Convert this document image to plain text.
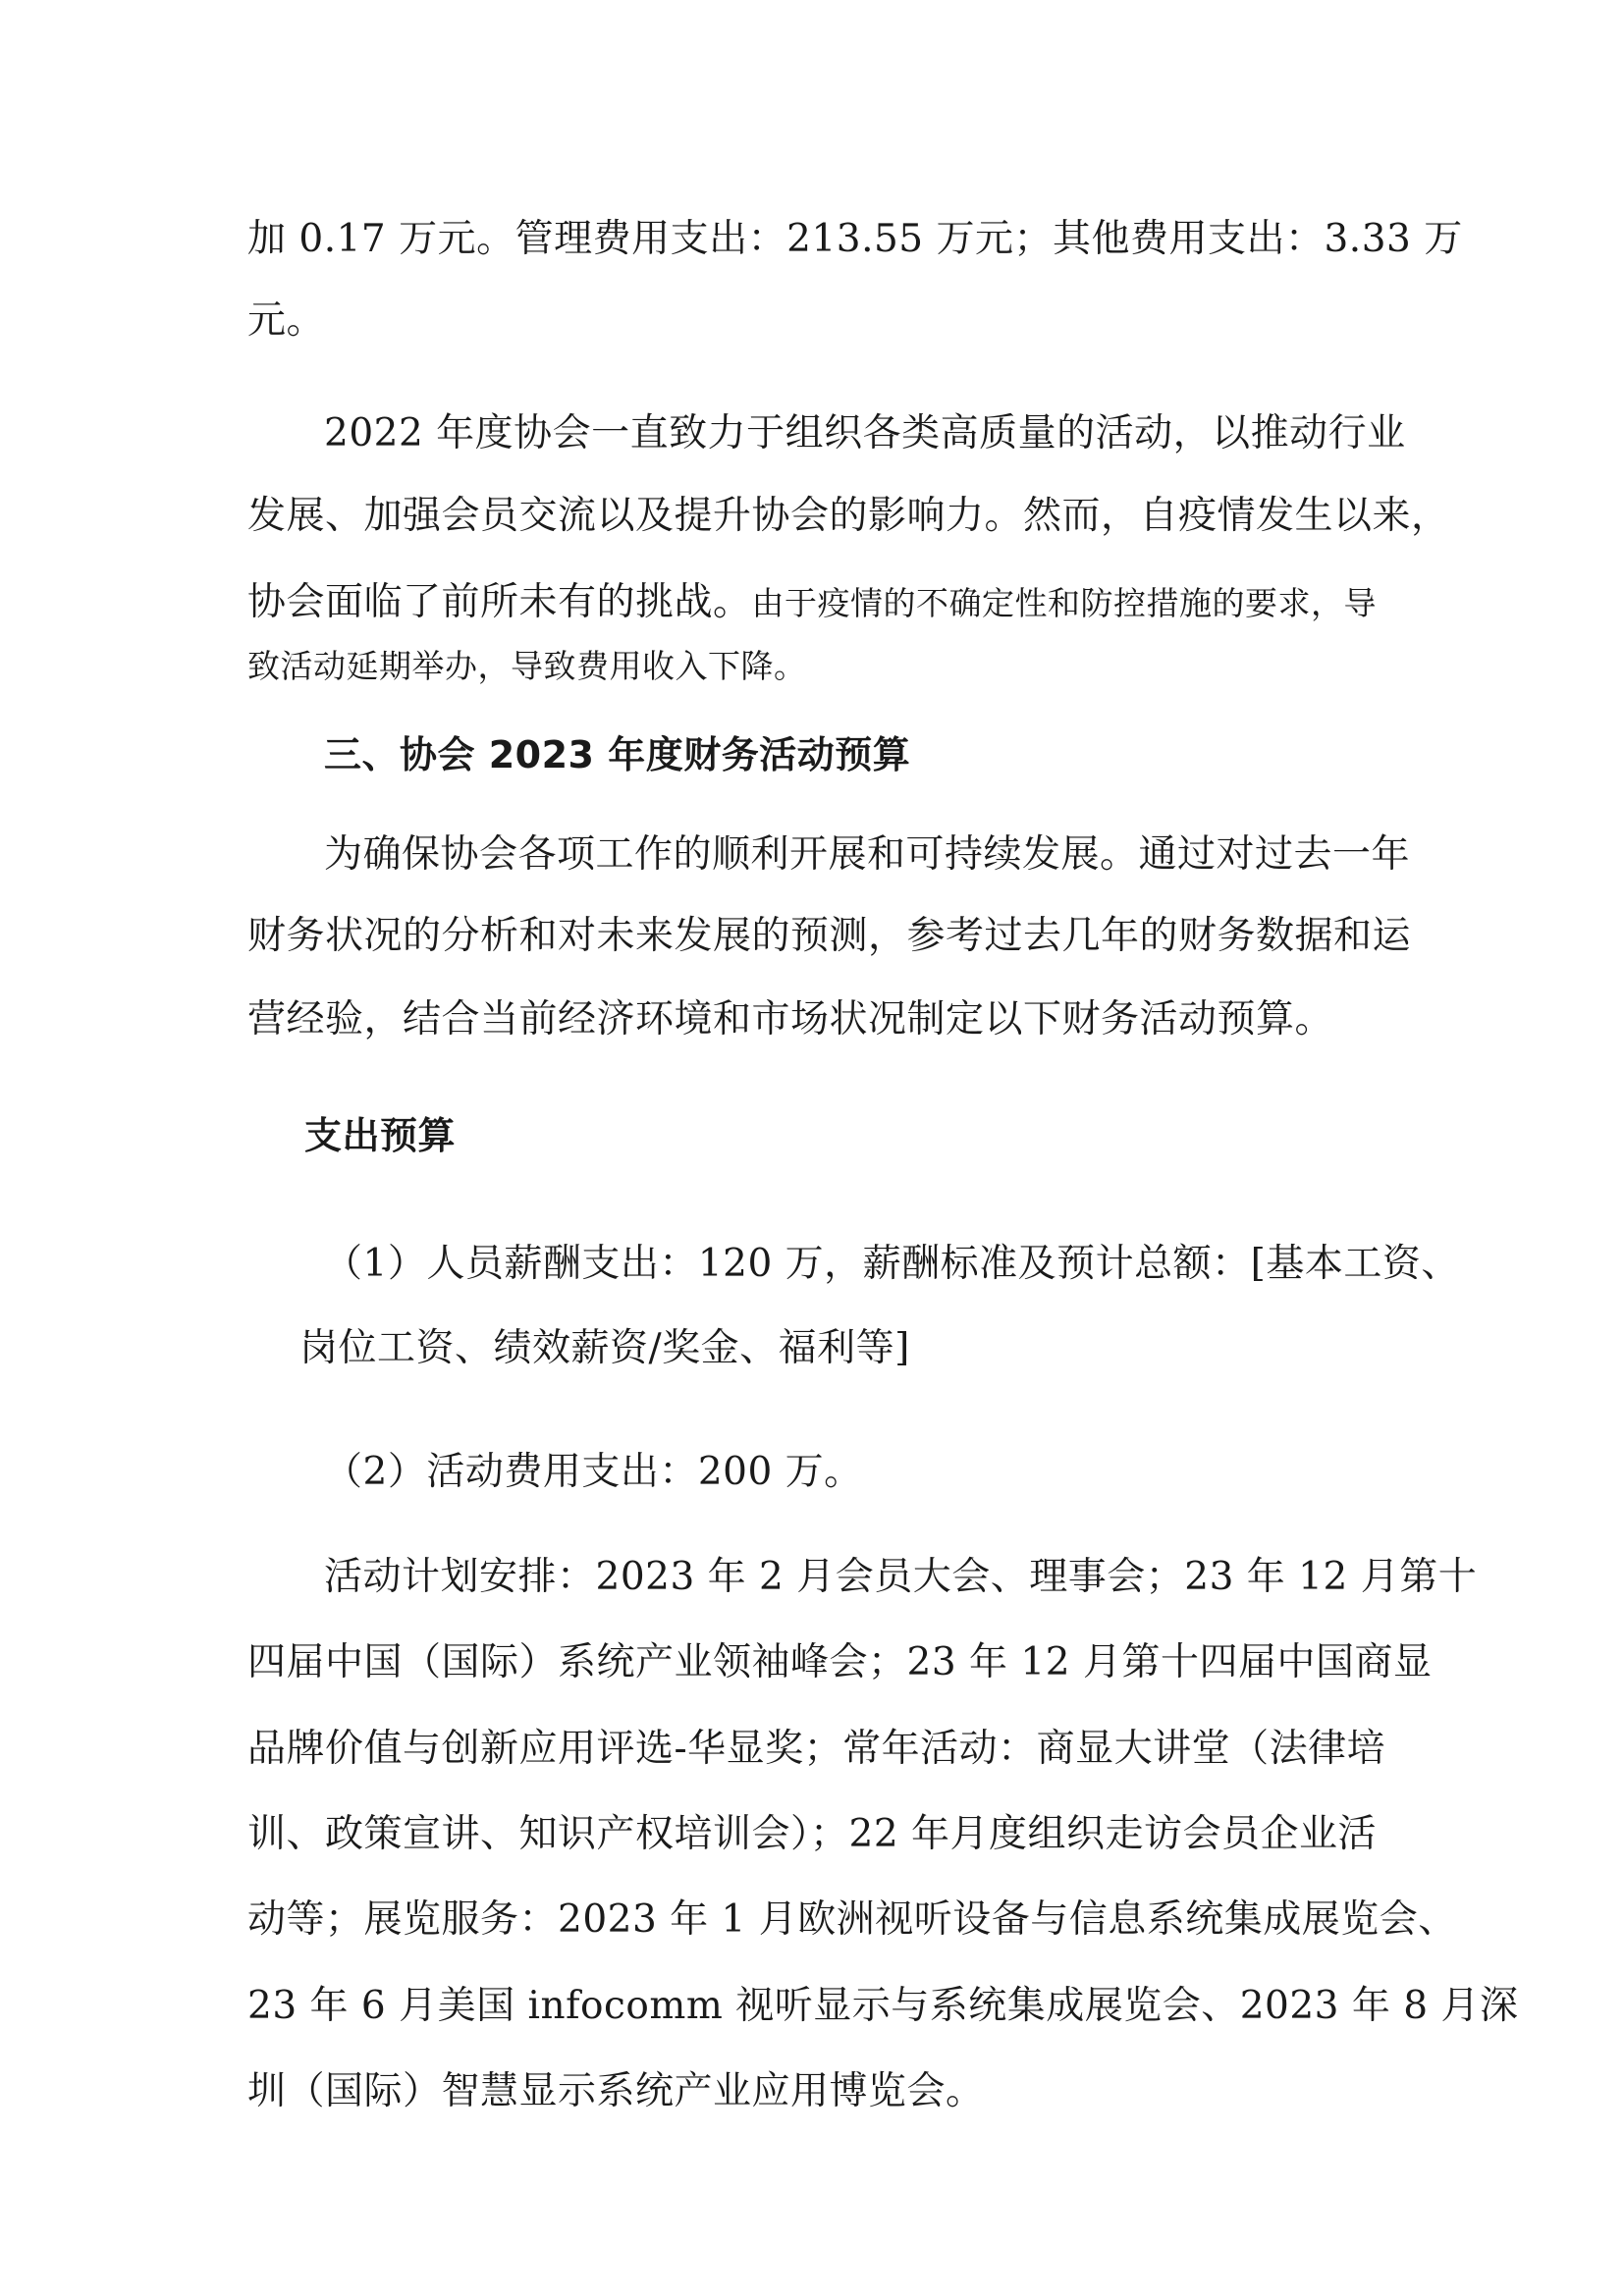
加 0.17 万元。管理费用支出：213.55 万元；其他费用支出：3.33 万
元。
2022 年度协会一直致力于组织各类高质量的活动，以推动行业
发展、加强会员交流以及提升协会的影响力。然而，自疫情发生以来，
协会面临了前所未有的挑战。由于疫情的不确定性和防控措施的要求，导
致活动延期举办，导致费用收入下降。
三、协会 2023 年度财务活动预算
为确保协会各项工作的顺利开展和可持续发展。通过对过去一年
财务状况的分析和对未来发展的预测，参考过去几年的财务数据和运
营经验，结合当前经济环境和市场状况制定以下财务活动预算。
支出预算
（1）人员薪酬支出：120 万，薪酬标准及预计总额：[基本工资、
岗位工资、绩效薪资/奖金、福利等]
（2）活动费用支出：200 万。
活动计划安排：2023 年 2 月会员大会、理事会；23 年 12 月第十
四届中国（国际）系统产业领袖峰会；23 年 12 月第十四届中国商显
品牌价值与创新应用评选-华显奖；常年活动：商显大讲堂（法律培
训、政策宣讲、知识产权培训会）；22 年月度组织走访会员企业活
动等；展览服务：2023 年 1 月欧洲视听设备与信息系统集成展览会、
23 年 6 月美国 infocomm 视听显示与系统集成展览会、2023 年 8 月深
圳（国际）智慧显示系统产业应用博览会。
